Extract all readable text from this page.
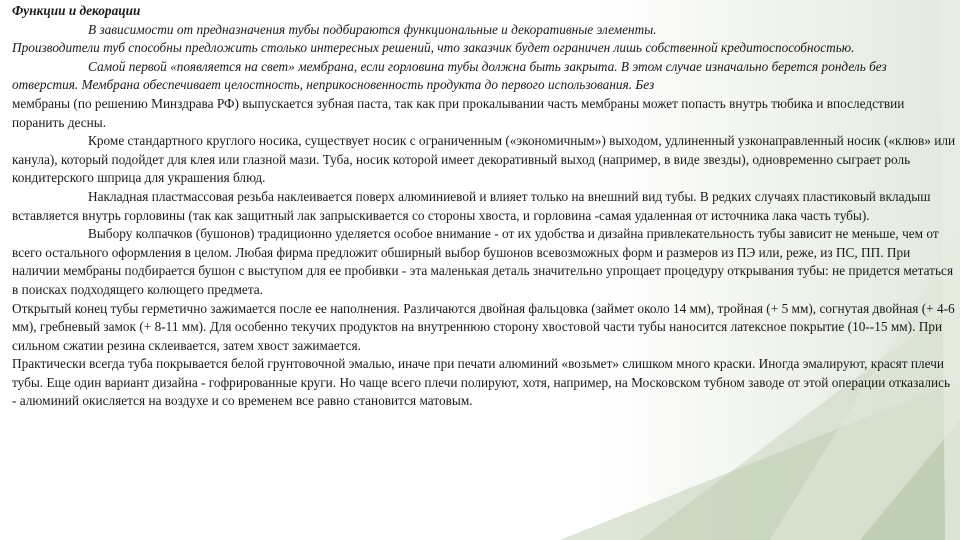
Функции и декорации

В зависимости от предназначения тубы подбираются функциональные и декоративные элементы.

Производители туб способны предложить столько интересных решений, что заказчик будет ограничен лишь собственной кредитоспособностью.

Самой первой «появляется на свет» мембрана, если горловина тубы должна быть закрыта. В этом случае изначально берется рондель без отверстия. Мембрана обеспечивает целостность, неприкосновенность продукта до первого использования. Без

мембраны (по решению Минздрава РФ) выпускается зубная паста, так как при прокалывании часть мембраны может попасть внутрь тюбика и впоследствии поранить десны.

Кроме стандартного круглого носика, существует носик с ограниченным («экономичным») выходом, удлиненный узконаправленный носик («клюв» или канула), который подойдет для клея или глазной мази. Туба, носик которой имеет декоративный выход (например, в виде звезды), одновременно сыграет роль кондитерского шприца для украшения блюд.

Накладная пластмассовая резьба наклеивается поверх алюминиевой и влияет только на внешний вид тубы. В редких случаях пластиковый вкладыш вставляется внутрь горловины (так как защитный лак запрыскивается со стороны хвоста, и горловина -самая удаленная от источника лака часть тубы).

Выбору колпачков (бушонов) традиционно уделяется особое внимание - от их удобства и дизайна привлекательность тубы зависит не меньше, чем от всего остального оформления в целом. Любая фирма предложит обширный выбор бушонов всевозможных форм и размеров из ПЭ или, реже, из ПС, ПП. При наличии мембраны подбирается бушон с выступом для ее пробивки - эта маленькая деталь значительно упрощает процедуру открывания тубы: не придется метаться в поисках подходящего колющего предмета.

Открытый конец тубы герметично зажимается после ее наполнения. Различаются двойная фальцовка (займет около 14 мм), тройная (+ 5 мм), согнутая двойная (+ 4-6 мм), гребневый замок (+ 8-11 мм). Для особенно текучих продуктов на внутреннюю сторону хвостовой части тубы наносится латексное покрытие (10--15 мм). При сильном сжатии резина склеивается, затем хвост зажимается.

Практически всегда туба покрывается белой грунтовочной эмалью, иначе при печати алюминий «возьмет» слишком много краски. Иногда эмалируют, красят плечи тубы. Еще один вариант дизайна - гофрированные круги. Но чаще всего плечи полируют, хотя, например, на Московском тубном заводе от этой операции отказались - алюминий окисляется на воздухе и со временем все равно становится матовым.
